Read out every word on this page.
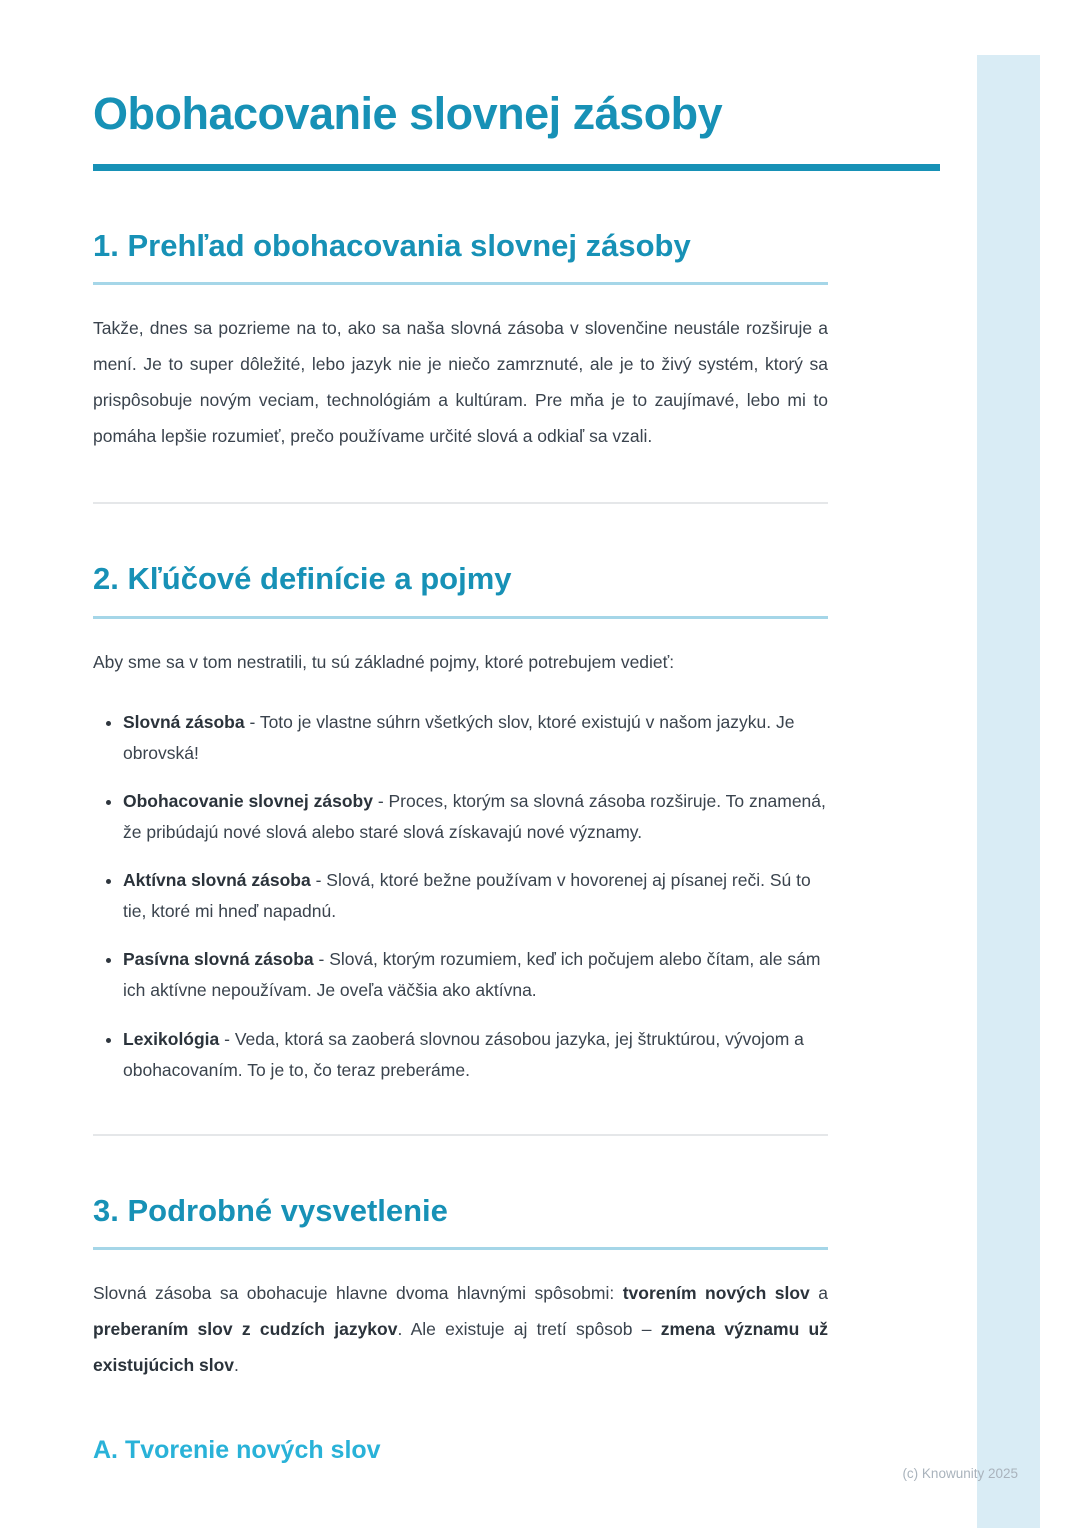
Obohacovanie slovnej zásoby
1. Prehľad obohacovania slovnej zásoby

Takže, dnes sa pozrieme na to, ako sa naša slovná zásoba v slovenčine neustále rozširuje a mení. Je to super dôležité, lebo jazyk nie je niečo zamrznuté, ale je to živý systém, ktorý sa prispôsobuje novým veciam, technológiám a kultúram. Pre mňa je to zaujímavé, lebo mi to pomáha lepšie rozumieť, prečo používame určité slová a odkiaľ sa vzali.

2. Kľúčové definície a pojmy

Aby sme sa v tom nestratili, tu sú základné pojmy, ktoré potrebujem vedieť:

• Slovná zásoba - Toto je vlastne súhrn všetkých slov, ktoré existujú v našom jazyku. Je obrovská!
• Obohacovanie slovnej zásoby - Proces, ktorým sa slovná zásoba rozširuje. To znamená, že pribúdajú nové slová alebo staré slová získavajú nové významy.
• Aktívna slovná zásoba - Slová, ktoré bežne používam v hovorenej aj písanej reči. Sú to tie, ktoré mi hneď napadnú.
• Pasívna slovná zásoba - Slová, ktorým rozumiem, keď ich počujem alebo čítam, ale sám ich aktívne nepoužívam. Je oveľa väčšia ako aktívna.
• Lexikológia - Veda, ktorá sa zaoberá slovnou zásobou jazyka, jej štruktúrou, vývojom a obohacovaním. To je to, čo teraz preberáme.
3. Podrobné vysvetlenie

Slovná zásoba sa obohacuje hlavne dvoma hlavnými spôsobmi: tvorením nových slov a preberaním slov z cudzích jazykov. Ale existuje aj tretí spôsob – zmena významu už existujúcich slov.

A. Tvorenie nových slov
(c) Knowunity 2025
